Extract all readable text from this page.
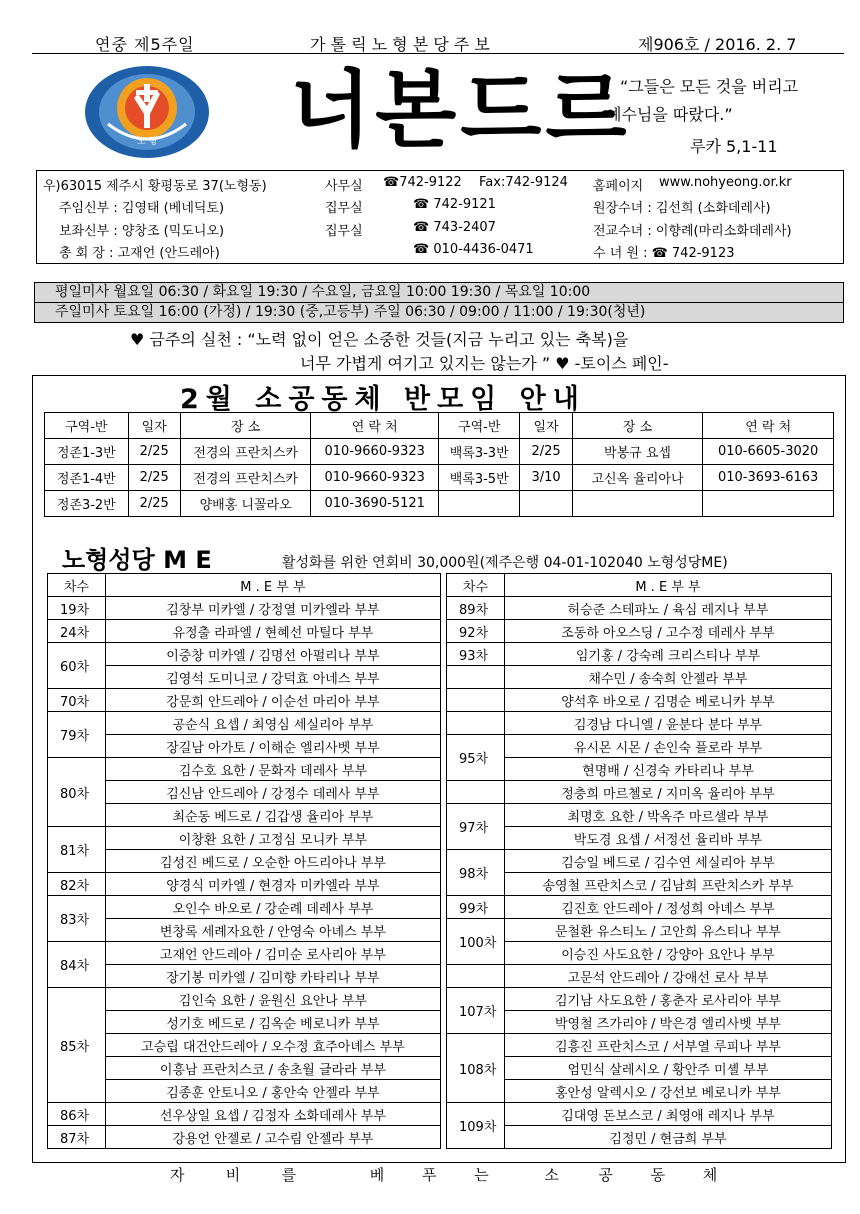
연중 제5주일	가 톨 릭 노 형 본 당 주 보	제906호 / 2016. 2. 7
노 형 너본드르
“그들은 모든 것을 버리고
예수님을 따랐다.”
루카 5,1-11
우)63015 제주시 황평동로 37(노형동)	사무실 ☎742-9122 Fax:742-9124 홈페이지 www.nohyeong.or.kr
주임신부 : 김영태 (베네딕토)	집무실	☎ 742-9121	원장수녀 : 김선희 (소화데레사)
보좌신부 : 양창조 (믹도니오)	집무실	☎ 743-2407	전교수녀 : 이향례(마리소화데레사)
총 회 장 : 고재언 (안드레아)	☎ 010-4436-0471	수 녀 원 : ☎ 742-9123
평일미사 월요일 06:30 / 화요일 19:30 / 수요일, 금요일 10:00 19:30 / 목요일 10:00
주일미사 토요일 16:00 (가정) / 19:30 (중,고등부) 주일 06:30 / 09:00 / 11:00 / 19:30(청년)
♥ 금주의 실천 : “노력 없이 얻은 소중한 것들(지금 누리고 있는 축복)을
너무 가볍게 여기고 있지는 않는가 ” ♥ -토이스 페인-
2월 소공동체 반모임 안내
구역-반	일자	장 소	연 락 처	구역-반	일자	장 소	연 락 처
정존1-3반	2/25	전경의 프란치스카	010-9660-9323	백록3-3반	2/25	박봉규 요셉	010-6605-3020
정존1-4반	2/25	전경의 프란치스카	010-9660-9323	백록3-5반	3/10	고신옥 율리아나	010-3693-6163
정존3-2반	2/25	양배홍 니꼴라오	010-3690-5121				
노형성당 M E	활성화를 위한 연회비 30,000원(제주은행 04-01-102040 노형성당ME)
차수	M . E 부 부
19차	김창부 미카엘 / 강정열 미카엘라 부부
24차	유정출 라파엘 / 현혜선 마틸다 부부
60차	이중창 미카엘 / 김명선 아펄리나 부부
	김영석 도미니코 / 강덕효 아네스 부부
70차	강문희 안드레아 / 이순선 마리아 부부
79차	공순식 요셉 / 최영심 세실리아 부부
	장길남 아가토 / 이해순 엘리사벳 부부
80차	김수호 요한 / 문화자 데레사 부부
	김신남 안드레아 / 강정수 데레사 부부
	최순동 베드로 / 김갑생 율리아 부부
81차	이창환 요한 / 고정심 모니카 부부
	김성진 베드로 / 오순한 아드리아나 부부
82차	양경식 미카엘 / 현경자 미카엘라 부부
83차	오인수 바오로 / 강순례 데레사 부부
	변창록 세례자요한 / 안영숙 아녜스 부부
84차	고재언 안드레아 / 김미순 로사리아 부부
	장기봉 미카엘 / 김미향 카타리나 부부
85차	김인숙 요한 / 윤원신 요안나 부부
	성기호 베드로 / 김옥순 베로니카 부부
	고승립 대건안드레아 / 오수정 효주아녜스 부부
	이흥남 프란치스코 / 송초월 글라라 부부
	김종훈 안토니오 / 홍안숙 안젤라 부부
86차	선우상일 요셉 / 김정자 소화데레사 부부
87차	강용언 안젤로 / 고수림 안젤라 부부
차수	M . E 부 부
89차	허승준 스테파노 / 육심 레지나 부부
92차	조동하 아오스딩 / 고수정 데레사 부부
93차	임기홍 / 강숙례 크리스티나 부부
	채수민 / 송숙희 안젤라 부부
	양석후 바오로 / 김명순 베로니카 부부
	김경남 다니엘 / 윤분다 분다 부부
95차	유시몬 시몬 / 손인숙 플로라 부부
	현명배 / 신경숙 카타리나 부부
	정충희 마르첼로 / 지미옥 율리아 부부
97차	최명호 요한 / 박옥주 마르셀라 부부
	박도경 요셉 / 서정선 율리바 부부
98차	김승일 베드로 / 김수연 세실리아 부부
	송영철 프란치스코 / 김남희 프란치스카 부부
99차	김진호 안드레아 / 정성희 아녜스 부부
100차	문철환 유스티노 / 고안희 유스티나 부부
	이승진 사도요한 / 강양아 요안나 부부
	고문석 안드레아 / 강애선 로사 부부
107차	김기남 사도요한 / 홍춘자 로사리아 부부
	박영철 즈가리야 / 박은경 엘리사벳 부부
108차	김흥진 프란치스코 / 서부열 루피나 부부
	엄민식 살레시오 / 황안주 미셸 부부
	홍안성 알렉시오 / 강선보 베로니카 부부
109차	김대영 돈보스코 / 최영애 레지나 부부
	김정민 / 현금희 부부
자	비	를	베	푸	는	소	공	동	체
